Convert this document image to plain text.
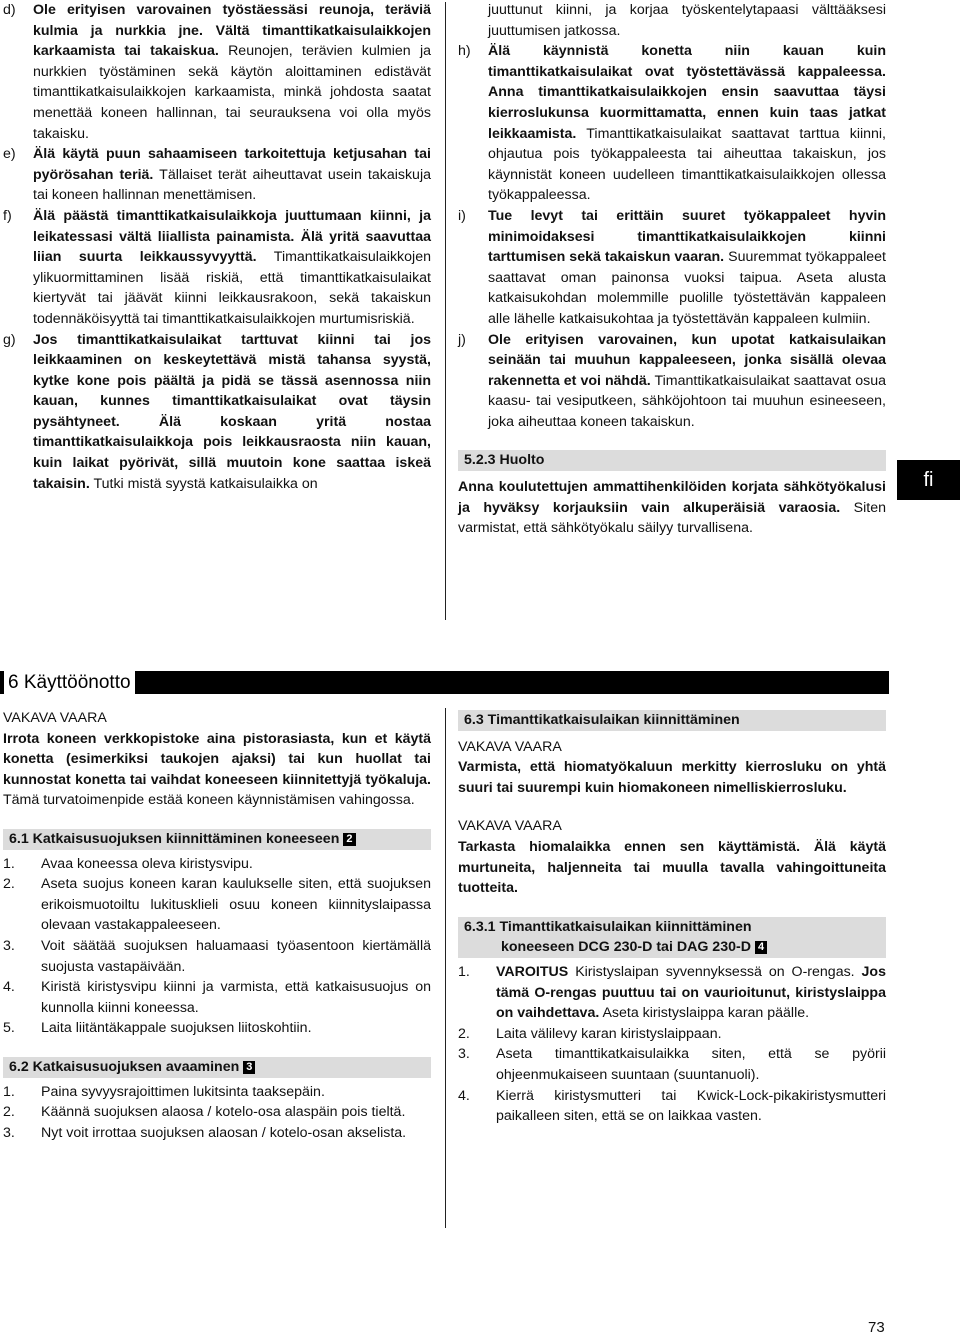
d)	Ole erityisen varovainen työstäessäsi reunoja, teräviä kulmia ja nurkkia jne. Vältä timanttikatkaisulaikkojen karkaamista tai takaiskua. Reunojen, terävien kulmien ja nurkkien työstäminen sekä käytön aloittaminen edistävät timanttikatkaisulaikkojen karkaamista, minkä johdosta saatat menettää koneen hallinnan, tai seurauksena voi olla myös takaisku.

e)	Älä käytä puun sahaamiseen tarkoitettuja ketjusahan tai pyörösahan teriä. Tällaiset terät aiheuttavat usein takaiskuja tai koneen hallinnan menettämisen.

f)	Älä päästä timanttikatkaisulaikkoja juuttumaan kiinni, ja leikatessasi vältä liiallista painamista. Älä yritä saavuttaa liian suurta leikkaussyvyyttä. Timanttikatkaisulaikkojen ylikuormittaminen lisää riskiä, että timanttikatkaisulaikat kiertyvät tai jäävät kiinni leikkausrakoon, sekä takaiskun todennäköisyyttä tai timanttikatkaisulaikkojen murtumisriskiä.

g)	Jos timanttikatkaisulaikat tarttuvat kiinni tai jos leikkaaminen on keskeytettävä mistä tahansa syystä, kytke kone pois päältä ja pidä se tässä asennossa niin kauan, kunnes timanttikatkaisulaikat ovat täysin pysähtyneet. Älä koskaan yritä nostaa timanttikatkaisulaikkoja pois leikkausraosta niin kauan, kuin laikat pyörivät, sillä muutoin kone saattaa iskeä takaisin. Tutki mistä syystä katkaisulaikka on

juuttunut kiinni, ja korjaa työskentelytapaasi välttääksesi juuttumisen jatkossa.

h)	Älä käynnistä konetta niin kauan kuin timanttikatkaisulaikat ovat työstettävässä kappaleessa. Anna timanttikatkaisulaikkojen ensin saavuttaa täysi kierroslukunsa kuormittamatta, ennen kuin taas jatkat leikkaamista. Timanttikatkaisulaikat saattavat tarttua kiinni, ohjautua pois työkappaleesta tai aiheuttaa takaiskun, jos käynnistät koneen uudelleen timanttikatkaisulaikkojen ollessa työkappaleessa.

i)	Tue levyt tai erittäin suuret työkappaleet hyvin minimoidaksesi timanttikatkaisulaikkojen kiinni tarttumisen sekä takaiskun vaaran. Suuremmat työkappaleet saattavat oman painonsa vuoksi taipua. Aseta alusta katkaisukohdan molemmille puolille työstettävän kappaleen alle lähelle katkaisukohtaa ja työstettävän kappaleen kulmiin.

j)	Ole erityisen varovainen, kun upotat katkaisulaikan seinään tai muuhun kappaleeseen, jonka sisällä olevaa rakennetta et voi nähdä. Timanttikatkaisulaikat saattavat osua kaasu- tai vesiputkeen, sähköjohtoon tai muuhun esineeseen, joka aiheuttaa koneen takaiskun.

5.2.3 Huolto

Anna koulutettujen ammattihenkilöiden korjata sähkötyökalusi ja hyväksy korjauksiin vain alkuperäisiä varaosia. Siten varmistat, että sähkötyökalu säilyy turvallisena.

fi
6 Käyttöönotto

VAKAVA VAARA

Irrota koneen verkkopistoke aina pistorasiasta, kun et käytä konetta (esimerkiksi taukojen ajaksi) tai kun huollat tai kunnostat konetta tai vaihdat koneeseen kiinnitettyjä työkaluja. Tämä turvatoimenpide estää koneen käynnistämisen vahingossa.

6.1 Katkaisusuojuksen kiinnittäminen koneeseen 2

1.	Avaa koneessa oleva kiristysvipu.

2.	Aseta suojus koneen karan kaulukselle siten, että suojuksen erikoismuotoiltu lukitusklieli osuu koneen kiinnityslaipassa olevaan vastakappaleeseen.

3.	Voit säätää suojuksen haluamaasi työasentoon kiertämällä suojusta vastapäivään.

4.	Kiristä kiristysvipu kiinni ja varmista, että katkaisusuojus on kunnolla kiinni koneessa.

5.	Laita liitäntäkappale suojuksen liitoskohtiin.

6.2 Katkaisusuojuksen avaaminen 3

1.	Paina syvyysrajoittimen lukitsinta taaksepäin.

2.	Käännä suojuksen alaosa / kotelo-osa alaspäin pois tieltä.

3.	Nyt voit irrottaa suojuksen alaosan / kotelo-osan akselista.

6.3 Timanttikatkaisulaikan kiinnittäminen

VAKAVA VAARA

Varmista, että hiomatyökaluun merkitty kierrosluku on yhtä suuri tai suurempi kuin hiomakoneen nimelliskierrosluku.

VAKAVA VAARA

Tarkasta hiomalaikka ennen sen käyttämistä. Älä käytä murtuneita, haljenneita tai muulla tavalla vahingoittuneita tuotteita.

6.3.1 Timanttikatkaisulaikan kiinnittäminen

koneeseen DCG 230-D tai DAG 230-D 4

1.	VAROITUS Kiristyslaipan syvennyksessä on O-rengas. Jos tämä O-rengas puuttuu tai on vaurioitunut, kiristyslaippa on vaihdettava. Aseta kiristyslaippa karan päälle.

2.	Laita välilevy karan kiristyslaippaan.

3.	Aseta timanttikatkaisulaikka siten, että se pyörii ohjeenmukaiseen suuntaan (suuntanuoli).

4.	Kierrä kiristysmutteri tai Kwick-Lock-pikakiristysmutteri paikalleen siten, että se on laikkaa vasten.

73
